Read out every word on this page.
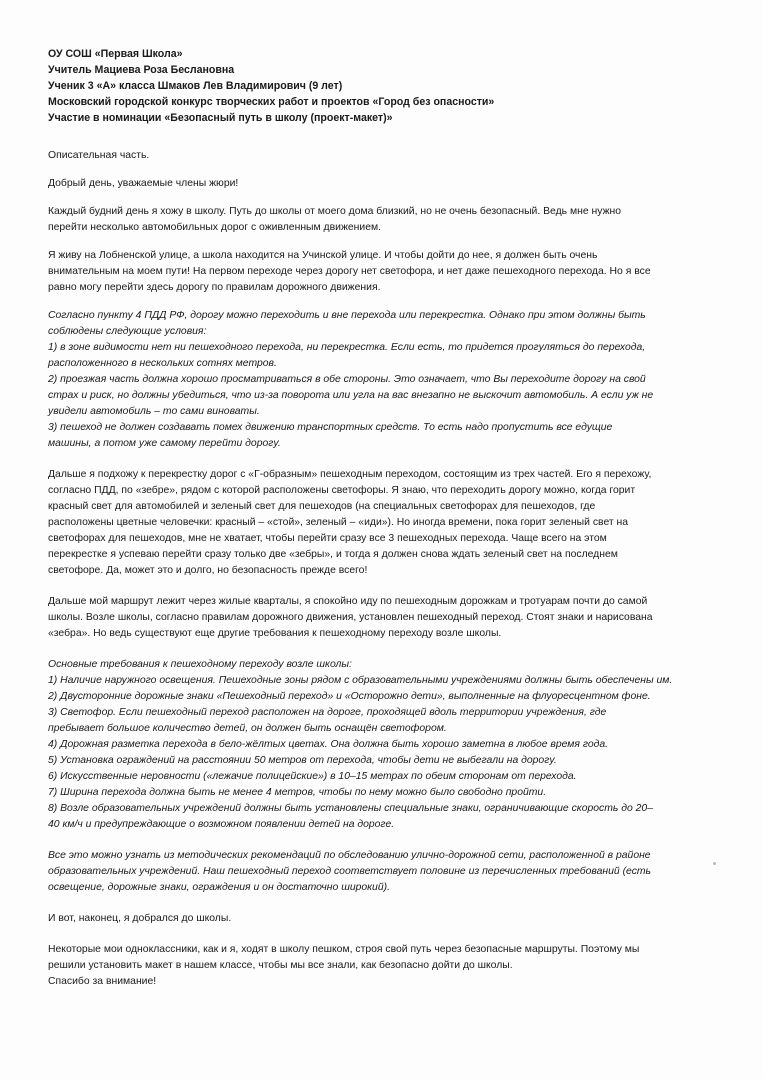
ОУ СОШ «Первая Школа»
Учитель Мациева Роза Беслановна
Ученик 3 «А» класса Шмаков Лев Владимирович (9 лет)
Московский городской конкурс творческих работ и проектов «Город без опасности»
Участие в номинации «Безопасный путь в школу (проект-макет)»
Описательная часть.
Добрый день, уважаемые члены жюри!
Каждый будний день я хожу в школу. Путь до школы от моего дома близкий, но не очень безопасный. Ведь мне нужно
перейти несколько автомобильных дорог с оживленным движением.
Я живу на Лобненской улице, а школа находится на Учинской улице. И чтобы дойти до нее, я должен быть очень
внимательным на моем пути! На первом переходе через дорогу нет светофора, и нет даже пешеходного перехода. Но я все
равно могу перейти здесь дорогу по правилам дорожного движения.
Согласно пункту 4 ПДД РФ, дорогу можно переходить и вне перехода или перекрестка. Однако при этом должны быть
соблюдены следующие условия:
1) в зоне видимости нет ни пешеходного перехода, ни перекрестка. Если есть, то придется прогуляться до перехода,
расположенного в нескольких сотнях метров.
2) проезжая часть должна хорошо просматриваться в обе стороны. Это означает, что Вы переходите дорогу на свой
страх и риск, но должны убедиться, что из-за поворота или угла на вас внезапно не выскочит автомобиль. А если уж не
увидели автомобиль – то сами виноваты.
3) пешеход не должен создавать помех движению транспортных средств. То есть надо пропустить все едущие
машины, а потом уже самому перейти дорогу.
Дальше я подхожу к перекрестку дорог с «Г-образным» пешеходным переходом, состоящим из трех частей. Его я перехожу,
согласно ПДД, по «зебре», рядом с которой расположены светофоры. Я знаю, что переходить дорогу можно, когда горит
красный свет для автомобилей и зеленый свет для пешеходов (на специальных светофорах для пешеходов, где
расположены цветные человечки: красный – «стой», зеленый – «иди»). Но иногда времени, пока горит зеленый свет на
светофорах для пешеходов, мне не хватает, чтобы перейти сразу все 3 пешеходных перехода. Чаще всего на этом
перекрестке я успеваю перейти сразу только две «зебры», и тогда я должен снова ждать зеленый свет на последнем
светофоре. Да, может это и долго, но безопасность прежде всего!
Дальше мой маршрут лежит через жилые кварталы, я спокойно иду по пешеходным дорожкам и тротуарам почти до самой
школы. Возле школы, согласно правилам дорожного движения, установлен пешеходный переход. Стоят знаки и нарисована
«зебра». Но ведь существуют еще другие требования к пешеходному переходу возле школы.
Основные требования к пешеходному переходу возле школы:
1) Наличие наружного освещения. Пешеходные зоны рядом с образовательными учреждениями должны быть обеспечены им.
2) Двусторонние дорожные знаки «Пешеходный переход» и «Осторожно дети», выполненные на флуоресцентном фоне.
3) Светофор. Если пешеходный переход расположен на дороге, проходящей вдоль территории учреждения, где
пребывает большое количество детей, он должен быть оснащён светофором.
4) Дорожная разметка перехода в бело-жёлтых цветах. Она должна быть хорошо заметна в любое время года.
5) Установка ограждений на расстоянии 50 метров от перехода, чтобы дети не выбегали на дорогу.
6) Искусственные неровности («лежачие полицейские») в 10–15 метрах по обеим сторонам от перехода.
7) Ширина перехода должна быть не менее 4 метров, чтобы по нему можно было свободно пройти.
8) Возле образовательных учреждений должны быть установлены специальные знаки, ограничивающие скорость до 20–
40 км/ч и предупреждающие о возможном появлении детей на дороге.
Все это можно узнать из методических рекомендаций по обследованию улично-дорожной сети, расположенной в районе
образовательных учреждений. Наш пешеходный переход соответствует половине из перечисленных требований (есть
освещение, дорожные знаки, ограждения и он достаточно широкий).
И вот, наконец, я добрался до школы.
Некоторые мои одноклассники, как и я, ходят в школу пешком, строя свой путь через безопасные маршруты. Поэтому мы
решили установить макет в нашем классе, чтобы мы все знали, как безопасно дойти до школы.
Спасибо за внимание!
